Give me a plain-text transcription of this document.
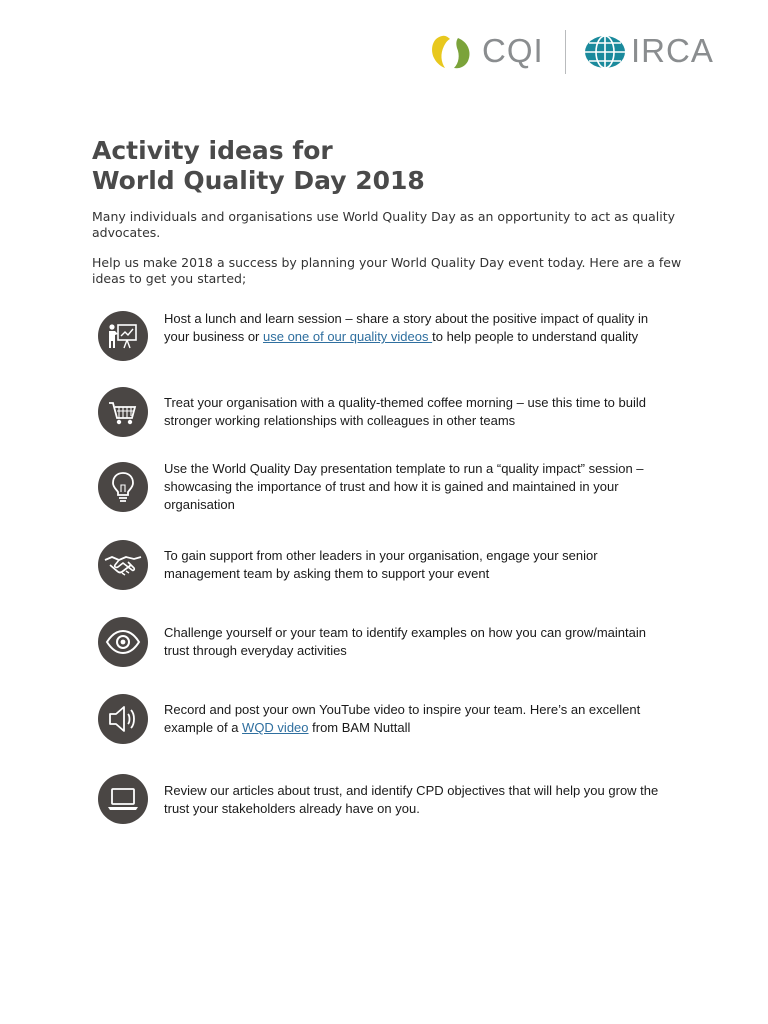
CQI	IRCA
Activity ideas for
World Quality Day 2018

Many individuals and organisations use World Quality Day as an opportunity to act as quality advocates.

Help us make 2018 a success by planning your World Quality Day event today. Here are a few ideas to get you started;

Host a lunch and learn session – share a story about the positive impact of quality in your business or use one of our quality videos to help people to understand quality

Treat your organisation with a quality-themed coffee morning – use this time to build stronger working relationships with colleagues in other teams

Use the World Quality Day presentation template to run a “quality impact” session – showcasing the importance of trust and how it is gained and maintained in your organisation

To gain support from other leaders in your organisation, engage your senior management team by asking them to support your event

Challenge yourself or your team to identify examples on how you can grow/maintain trust through everyday activities

Record and post your own YouTube video to inspire your team. Here’s an excellent example of a WQD video from BAM Nuttall

Review our articles about trust, and identify CPD objectives that will help you grow the trust your stakeholders already have on you.
